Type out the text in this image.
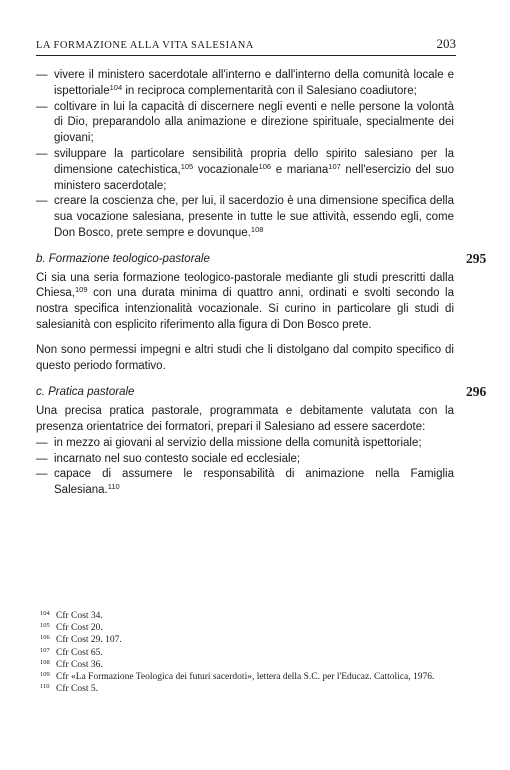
LA FORMAZIONE ALLA VITA SALESIANA	203
— vivere il ministero sacerdotale all'interno e dall'interno della comunità locale e ispettoriale$^{104}$ in reciproca complementarità con il Salesiano coadiutore;
— coltivare in lui la capacità di discernere negli eventi e nelle persone la volontà di Dio, preparandolo alla animazione e direzione spirituale, specialmente dei giovani;
— sviluppare la particolare sensibilità propria dello spirito salesiano per la dimensione catechistica,$^{105}$ vocazionale$^{106}$ e mariana$^{107}$ nell'esercizio del suo ministero sacerdotale;
— creare la coscienza che, per lui, il sacerdozio è una dimensione specifica della sua vocazione salesiana, presente in tutte le sue attività, essendo egli, come Don Bosco, prete sempre e dovunque.$^{108}$
b. Formazione teologico-pastorale	295

Ci sia una seria formazione teologico-pastorale mediante gli studi prescritti dalla Chiesa,$^{109}$ con una durata minima di quattro anni, ordinati e svolti secondo la nostra specifica intenzionalità vocazionale. Si curino in particolare gli studi di salesianità con esplicito riferimento alla figura di Don Bosco prete.

Non sono permessi impegni e altri studi che li distolgano dal compito specifico di questo periodo formativo.

c. Pratica pastorale	296

Una precisa pratica pastorale, programmata e debitamente valutata con la presenza orientatrice dei formatori, prepari il Salesiano ad essere sacerdote:

— in mezzo ai giovani al servizio della missione della comunità ispettoriale;
— incarnato nel suo contesto sociale ed ecclesiale;
— capace di assumere le responsabilità di animazione nella Famiglia Salesiana.$^{110}$
104 Cfr Cost 34.
105 Cfr Cost 20.
106 Cfr Cost 29. 107.
107 Cfr Cost 65.
108 Cfr Cost 36.
109 Cfr «La Formazione Teologica dei futuri sacerdoti», lettera della S.C. per l'Educaz. Cattolica, 1976.
110 Cfr Cost 5.
